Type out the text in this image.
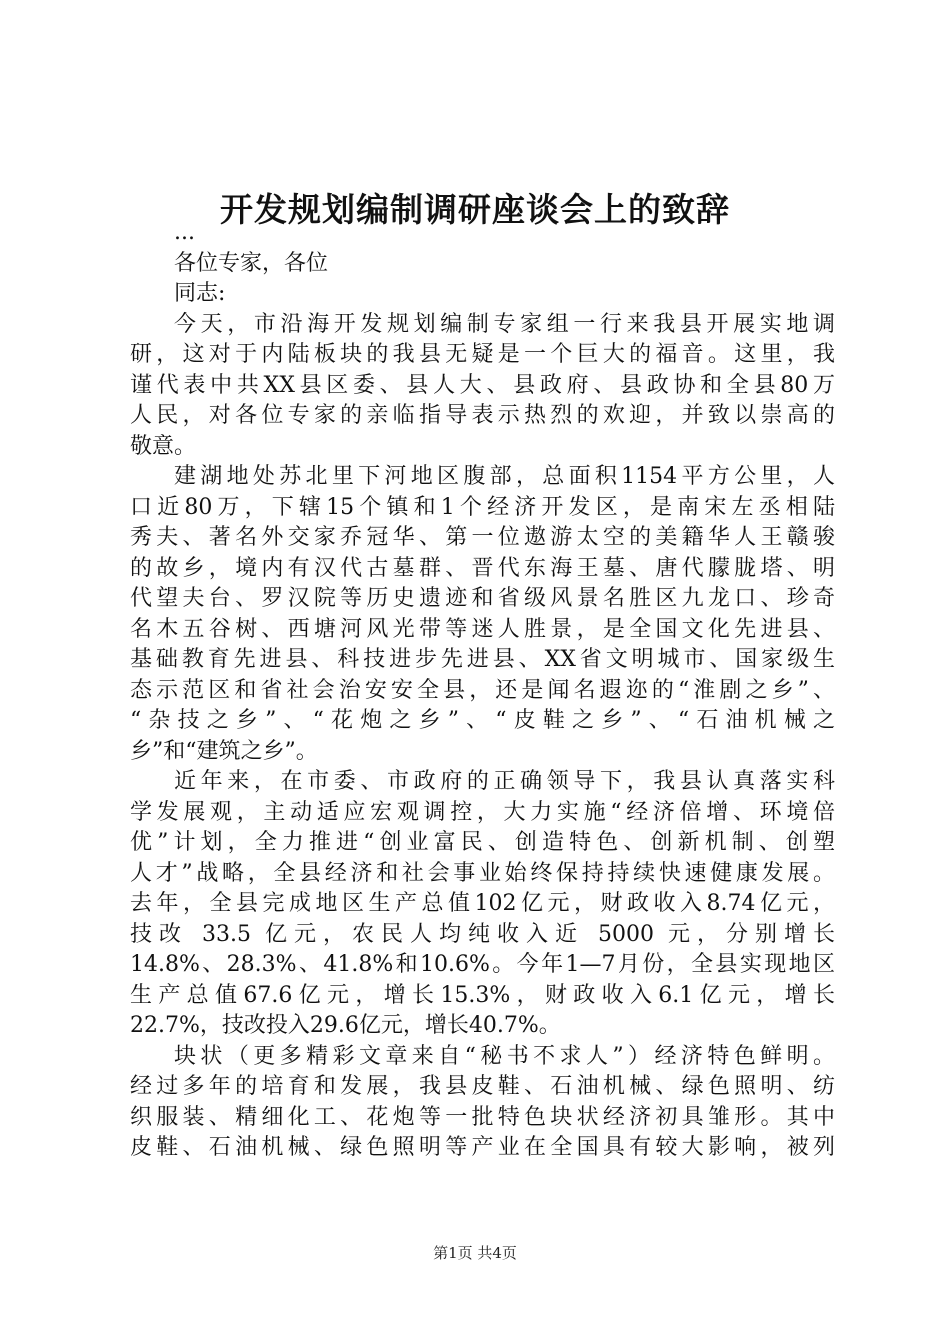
开发规划编制调研座谈会上的致辞
...
各位专家，各位
同志:
今天，市沿海开发规划编制专家组一行来我县开展实地调
研，这对于内陆板块的我县无疑是一个巨大的福音。这里，我
谨代表中共XX县区委、县人大、县政府、县政协和全县80万
人民，对各位专家的亲临指导表示热烈的欢迎，并致以崇高的
敬意。
建湖地处苏北里下河地区腹部，总面积1154平方公里，人
口近80万，下辖15个镇和1个经济开发区，是南宋左丞相陆
秀夫、著名外交家乔冠华、第一位遨游太空的美籍华人王赣骏
的故乡，境内有汉代古墓群、晋代东海王墓、唐代朦胧塔、明
代望夫台、罗汉院等历史遗迹和省级风景名胜区九龙口、珍奇
名木五谷树、西塘河风光带等迷人胜景，是全国文化先进县、
基础教育先进县、科技进步先进县、XX省文明城市、国家级生
态示范区和省社会治安安全县，还是闻名遐迩的“淮剧之乡”、
“杂技之乡”、“花炮之乡”、“皮鞋之乡”、“石油机械之
乡”和“建筑之乡”。
近年来，在市委、市政府的正确领导下，我县认真落实科
学发展观，主动适应宏观调控，大力实施“经济倍增、环境倍
优”计划，全力推进“创业富民、创造特色、创新机制、创塑
人才”战略，全县经济和社会事业始终保持持续快速健康发展。
去年，全县完成地区生产总值102亿元，财政收入8.74亿元，
技改 33.5 亿元，农民人均纯收入近 5000 元，分别增长
14.8%、28.3%、41.8%和10.6%。今年1—7月份，全县实现地区
生产总值67.6亿元，增长15.3%，财政收入6.1亿元，增长
22.7%，技改投入29.6亿元，增长40.7%。
块状（更多精彩文章来自“秘书不求人”）经济特色鲜明。
经过多年的培育和发展，我县皮鞋、石油机械、绿色照明、纺
织服装、精细化工、花炮等一批特色块状经济初具雏形。其中
皮鞋、石油机械、绿色照明等产业在全国具有较大影响，被列
第1页 共4页
